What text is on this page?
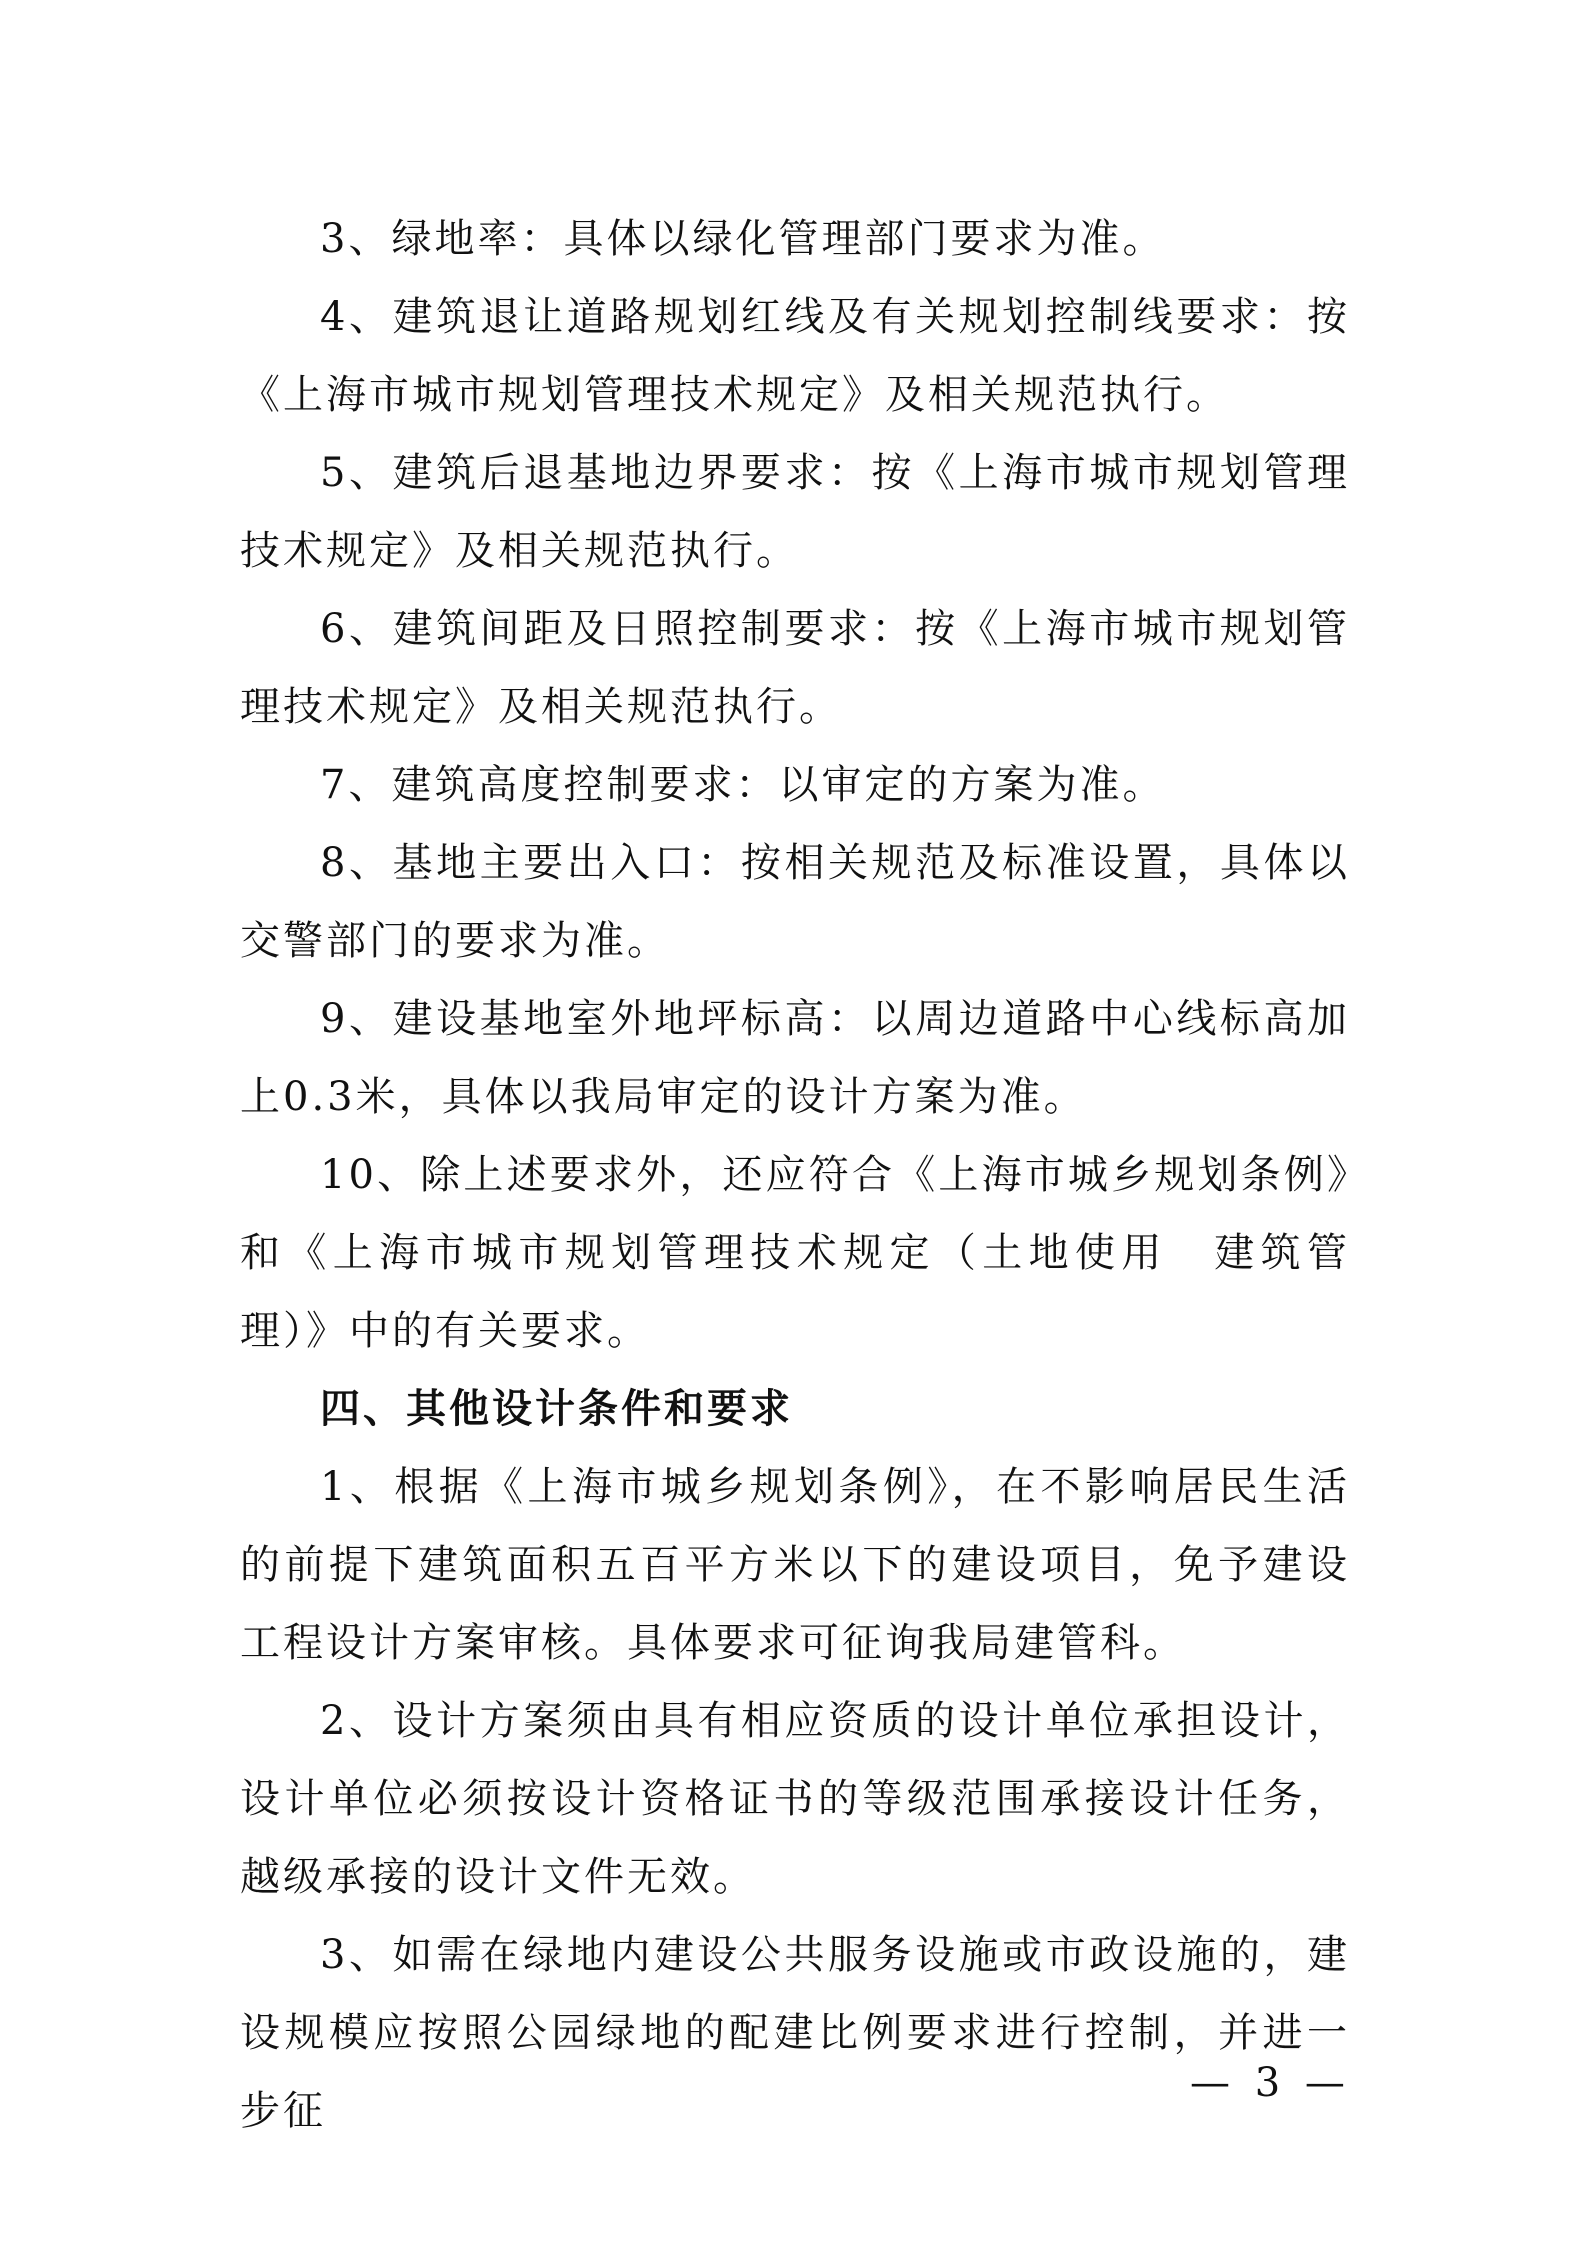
3、绿地率：具体以绿化管理部门要求为准。

4、建筑退让道路规划红线及有关规划控制线要求：按《上海市城市规划管理技术规定》及相关规范执行。

5、建筑后退基地边界要求：按《上海市城市规划管理技术规定》及相关规范执行。

6、建筑间距及日照控制要求：按《上海市城市规划管理技术规定》及相关规范执行。

7、建筑高度控制要求：以审定的方案为准。

8、基地主要出入口：按相关规范及标准设置，具体以交警部门的要求为准。

9、建设基地室外地坪标高：以周边道路中心线标高加上0.3米，具体以我局审定的设计方案为准。

10、除上述要求外，还应符合《上海市城乡规划条例》和《上海市城市规划管理技术规定（土地使用　建筑管理）》中的有关要求。

四、其他设计条件和要求

1、根据《上海市城乡规划条例》，在不影响居民生活的前提下建筑面积五百平方米以下的建设项目，免予建设工程设计方案审核。具体要求可征询我局建管科。

2、设计方案须由具有相应资质的设计单位承担设计，设计单位必须按设计资格证书的等级范围承接设计任务，越级承接的设计文件无效。

3、如需在绿地内建设公共服务设施或市政设施的，建设规模应按照公园绿地的配建比例要求进行控制，并进一步征

— 3 —
